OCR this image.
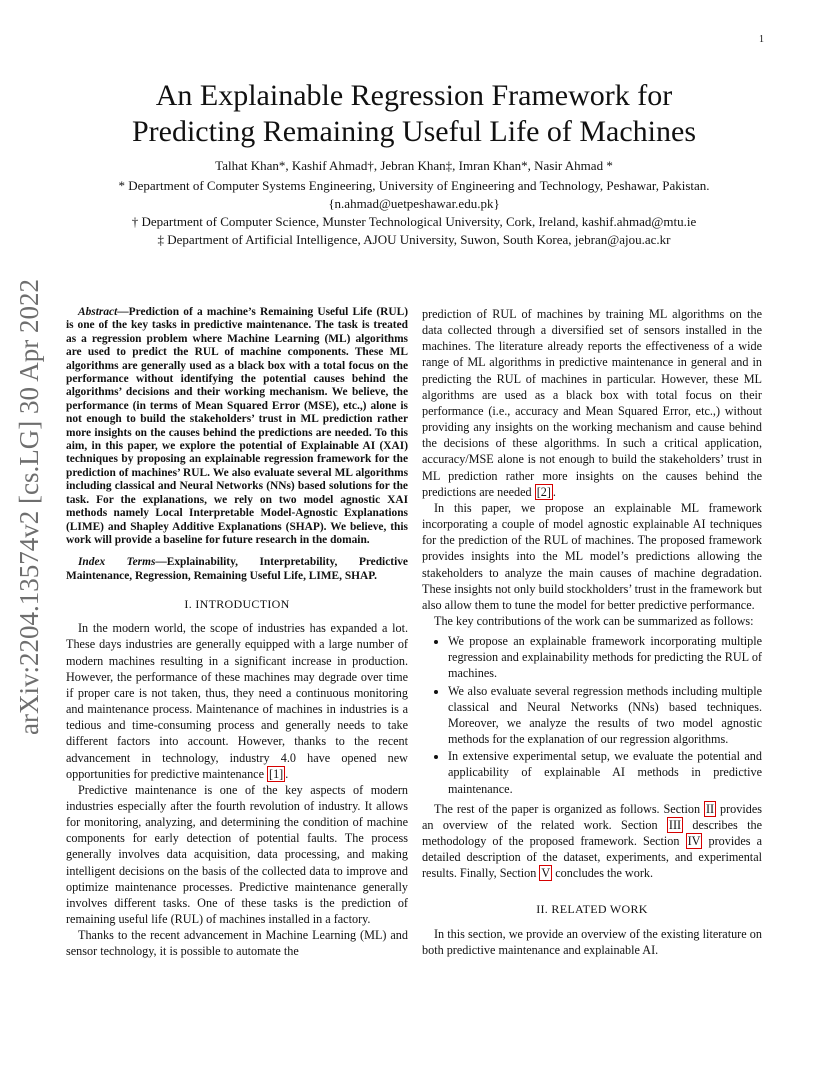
1
An Explainable Regression Framework for
Predicting Remaining Useful Life of Machines
Talhat Khan*, Kashif Ahmad†, Jebran Khan‡, Imran Khan*, Nasir Ahmad *
* Department of Computer Systems Engineering, University of Engineering and Technology, Peshawar, Pakistan.
{n.ahmad@uetpeshawar.edu.pk}
† Department of Computer Science, Munster Technological University, Cork, Ireland, kashif.ahmad@mtu.ie
‡ Department of Artificial Intelligence, AJOU University, Suwon, South Korea, jebran@ajou.ac.kr
arXiv:2204.13574v2 [cs.LG] 30 Apr 2022	Abstract—Prediction of a machine’s Remaining Useful Life (RUL) is one of the key tasks in predictive maintenance. The task is treated as a regression problem where Machine Learning (ML) algorithms are used to predict the RUL of machine components. These ML algorithms are generally used as a black box with a total focus on the performance without identifying the potential causes behind the algorithms’ decisions and their working mechanism. We believe, the performance (in terms of Mean Squared Error (MSE), etc.,) alone is not enough to build the stakeholders’ trust in ML prediction rather more insights on the causes behind the predictions are needed. To this aim, in this paper, we explore the potential of Explainable AI (XAI) techniques by proposing an explainable regression framework for the prediction of machines’ RUL. We also evaluate several ML algorithms including classical and Neural Networks (NNs) based solutions for the task. For the explanations, we rely on two model agnostic XAI methods namely Local Interpretable Model-Agnostic Explanations (LIME) and Shapley Additive Explanations (SHAP). We believe, this work will provide a baseline for future research in the domain.

Index Terms—Explainability, Interpretability, Predictive Maintenance, Regression, Remaining Useful Life, LIME, SHAP.

I. INTRODUCTION

In the modern world, the scope of industries has expanded a lot. These days industries are generally equipped with a large number of modern machines resulting in a significant increase in production. However, the performance of these machines may degrade over time if proper care is not taken, thus, they need a continuous monitoring and maintenance process. Maintenance of machines in industries is a tedious and time-consuming process and generally needs to take different factors into account. However, thanks to the recent advancement in technology, industry 4.0 have opened new opportunities for predictive maintenance [1] .

Predictive maintenance is one of the key aspects of modern industries especially after the fourth revolution of industry. It allows for monitoring, analyzing, and determining the condition of machine components for early detection of potential faults. The process generally involves data acquisition, data processing, and making intelligent decisions on the basis of the collected data to improve and optimize maintenance processes. Predictive maintenance generally involves different tasks. One of these tasks is the prediction of remaining useful life (RUL) of machines installed in a factory.

Thanks to the recent advancement in Machine Learning (ML) and sensor technology, it is possible to automate the

prediction of RUL of machines by training ML algorithms on the data collected through a diversified set of sensors installed in the machines. The literature already reports the effectiveness of a wide range of ML algorithms in predictive maintenance in general and in predicting the RUL of machines in particular. However, these ML algorithms are used as a black box with total focus on their performance (i.e., accuracy and Mean Squared Error, etc.,) without providing any insights on the working mechanism and cause behind the decisions of these algorithms. In such a critical application, accuracy/MSE alone is not enough to build the stakeholders’ trust in ML prediction rather more insights on the causes behind the predictions are needed [2] .

In this paper, we propose an explainable ML framework incorporating a couple of model agnostic explainable AI techniques for the prediction of the RUL of machines. The proposed framework provides insights into the ML model’s predictions allowing the stakeholders to analyze the main causes of machine degradation. These insights not only build stockholders’ trust in the framework but also allow them to tune the model for better predictive performance.

The key contributions of the work can be summarized as follows:

• We propose an explainable framework incorporating multiple regression and explainability methods for predicting the RUL of machines.
• We also evaluate several regression methods including multiple classical and Neural Networks (NNs) based techniques. Moreover, we analyze the results of two model agnostic methods for the explanation of our regression algorithms.
• In extensive experimental setup, we evaluate the potential and applicability of explainable AI methods in predictive maintenance.

The rest of the paper is organized as follows. Section II provides an overview of the related work. Section III describes the methodology of the proposed framework. Section IV provides a detailed description of the dataset, experiments, and experimental results. Finally, Section V concludes the work.

II. RELATED WORK

In this section, we provide an overview of the existing literature on both predictive maintenance and explainable AI.
